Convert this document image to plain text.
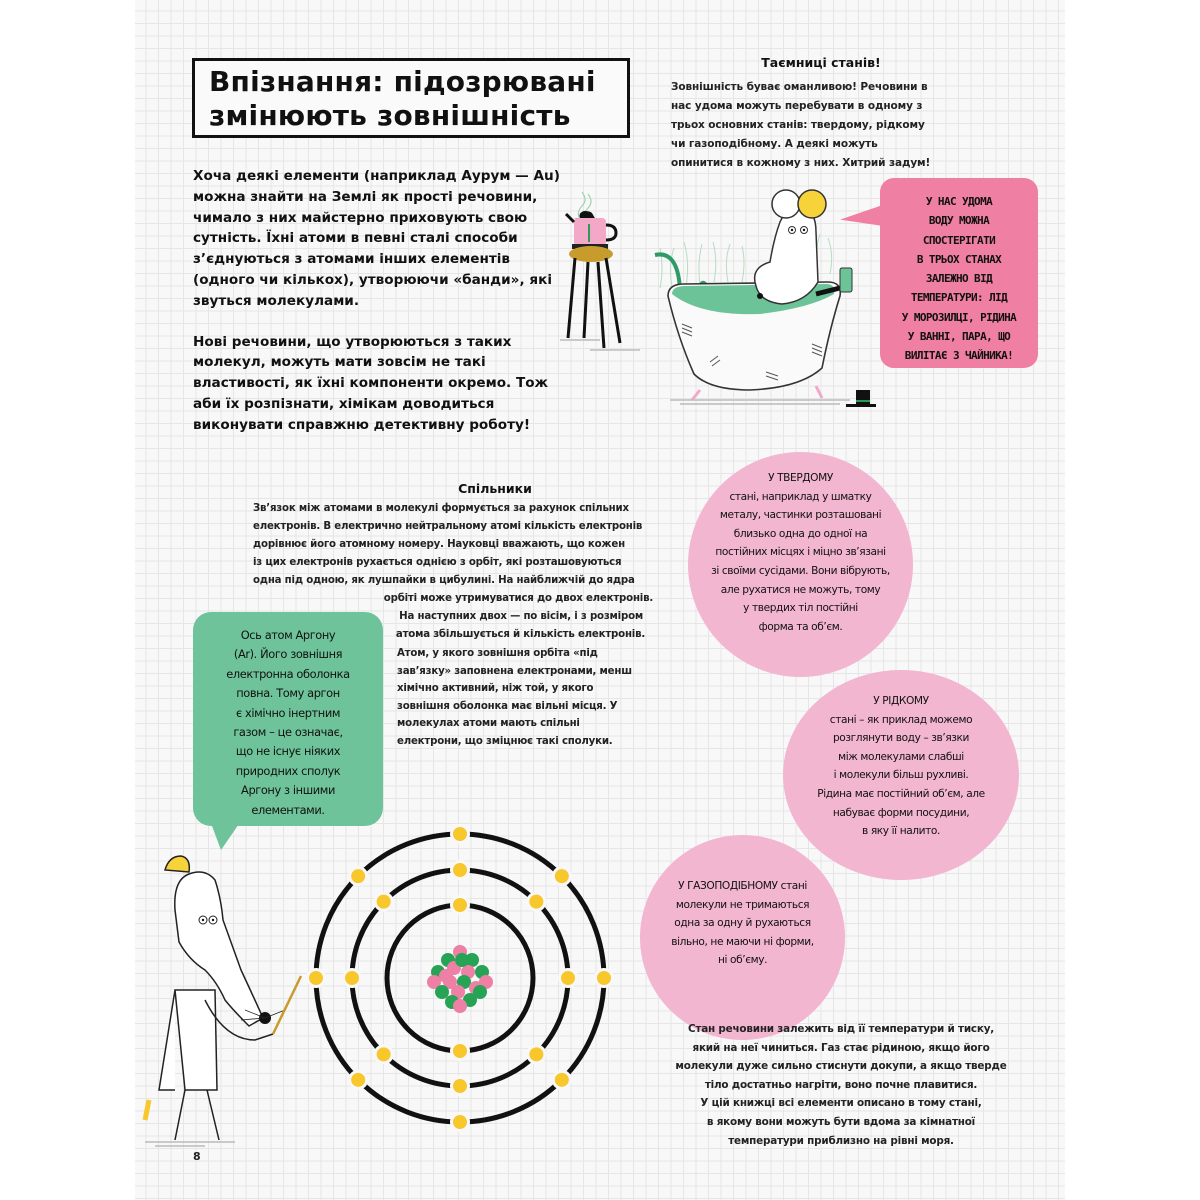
Впізнання: підозрювані
змінюють зовнішність

Хоча деякі елементи (наприклад Аурум — Au) можна знайти на Землі як прості речовини, чимало з них майстерно приховують свою сутність. Їхні атоми в певні сталі способи з’єднуються з атомами інших елементів (одного чи кількох), утворюючи «банди», які звуться молекулами.

Нові речовини, що утворюються з таких молекул, можуть мати зовсім не такі властивості, як їхні компоненти окремо. Тож аби їх розпізнати, хімікам доводиться виконувати справжню детективну роботу!

Таємниці станів!
Зовнішність буває оманливою! Речовини в нас удома можуть перебувати в одному з трьох основних станів: твердому, рідкому чи газоподібному. А деякі можуть опинитися в кожному з них. Хитрий задум!
У НАС УДОМА
ВОДУ МОЖНА
СПОСТЕРІГАТИ
В ТРЬОХ СТАНАХ
ЗАЛЕЖНО ВІД
ТЕМПЕРАТУРИ: ЛІД
У МОРОЗИЛЦІ, РІДИНА
У ВАННІ, ПАРА, ЩО
ВИЛІТАЄ З ЧАЙНИКА!
Спільники
Зв’язок між атомами в молекулі формується за рахунок спільних
електронів. В електрично нейтральному атомі кількість електронів
дорівнює його атомному номеру. Науковці вважають, що кожен
із цих електронів рухається однією з орбіт, які розташовуються
одна під одною, як лушпайки в цибулині. На найближчій до ядра
орбіті може утримуватися до двох електронів.
На наступних двох — по вісім, і з розміром
атома збільшується й кількість електронів.
Атом, у якого зовнішня орбіта «під зав’язку» заповнена електронами, менш хімічно активний, ніж той, у якого зовнішня оболонка має вільні місця. У молекулах атоми мають спільні електрони, що зміцнює такі сполуки.
Ось атом Аргону
(Ar). Його зовнішня
електронна оболонка
повна. Тому аргон
є хімічно інертним
газом – це означає,
що не існує ніяких
природних сполук
Аргону з іншими
елементами.
У ТВЕРДОМУ
стані, наприклад у шматку
металу, частинки розташовані
близько одна до одної на
постійних місцях і міцно зв’язані
зі своїми сусідами. Вони вібрують,
але рухатися не можуть, тому
у твердих тіл постійні
форма та об’єм.
У РІДКОМУ
стані – як приклад можемо
розглянути воду – зв’язки
між молекулами слабші
і молекули більш рухливі.
Рідина має постійний об’єм, але
набуває форми посудини,
в яку її налито.
У ГАЗОПОДІБНОМУ стані
молекули не тримаються
одна за одну й рухаються
вільно, не маючи ні форми,
ні об’єму.
Стан речовини залежить від її температури й тиску,
який на неї чиниться. Газ стає рідиною, якщо його
молекули дуже сильно стиснути докупи, а якщо тверде
тіло достатньо нагріти, воно почне плавитися.
У цій книжці всі елементи описано в тому стані,
в якому вони можуть бути вдома за кімнатної
температури приблизно на рівні моря.
8
